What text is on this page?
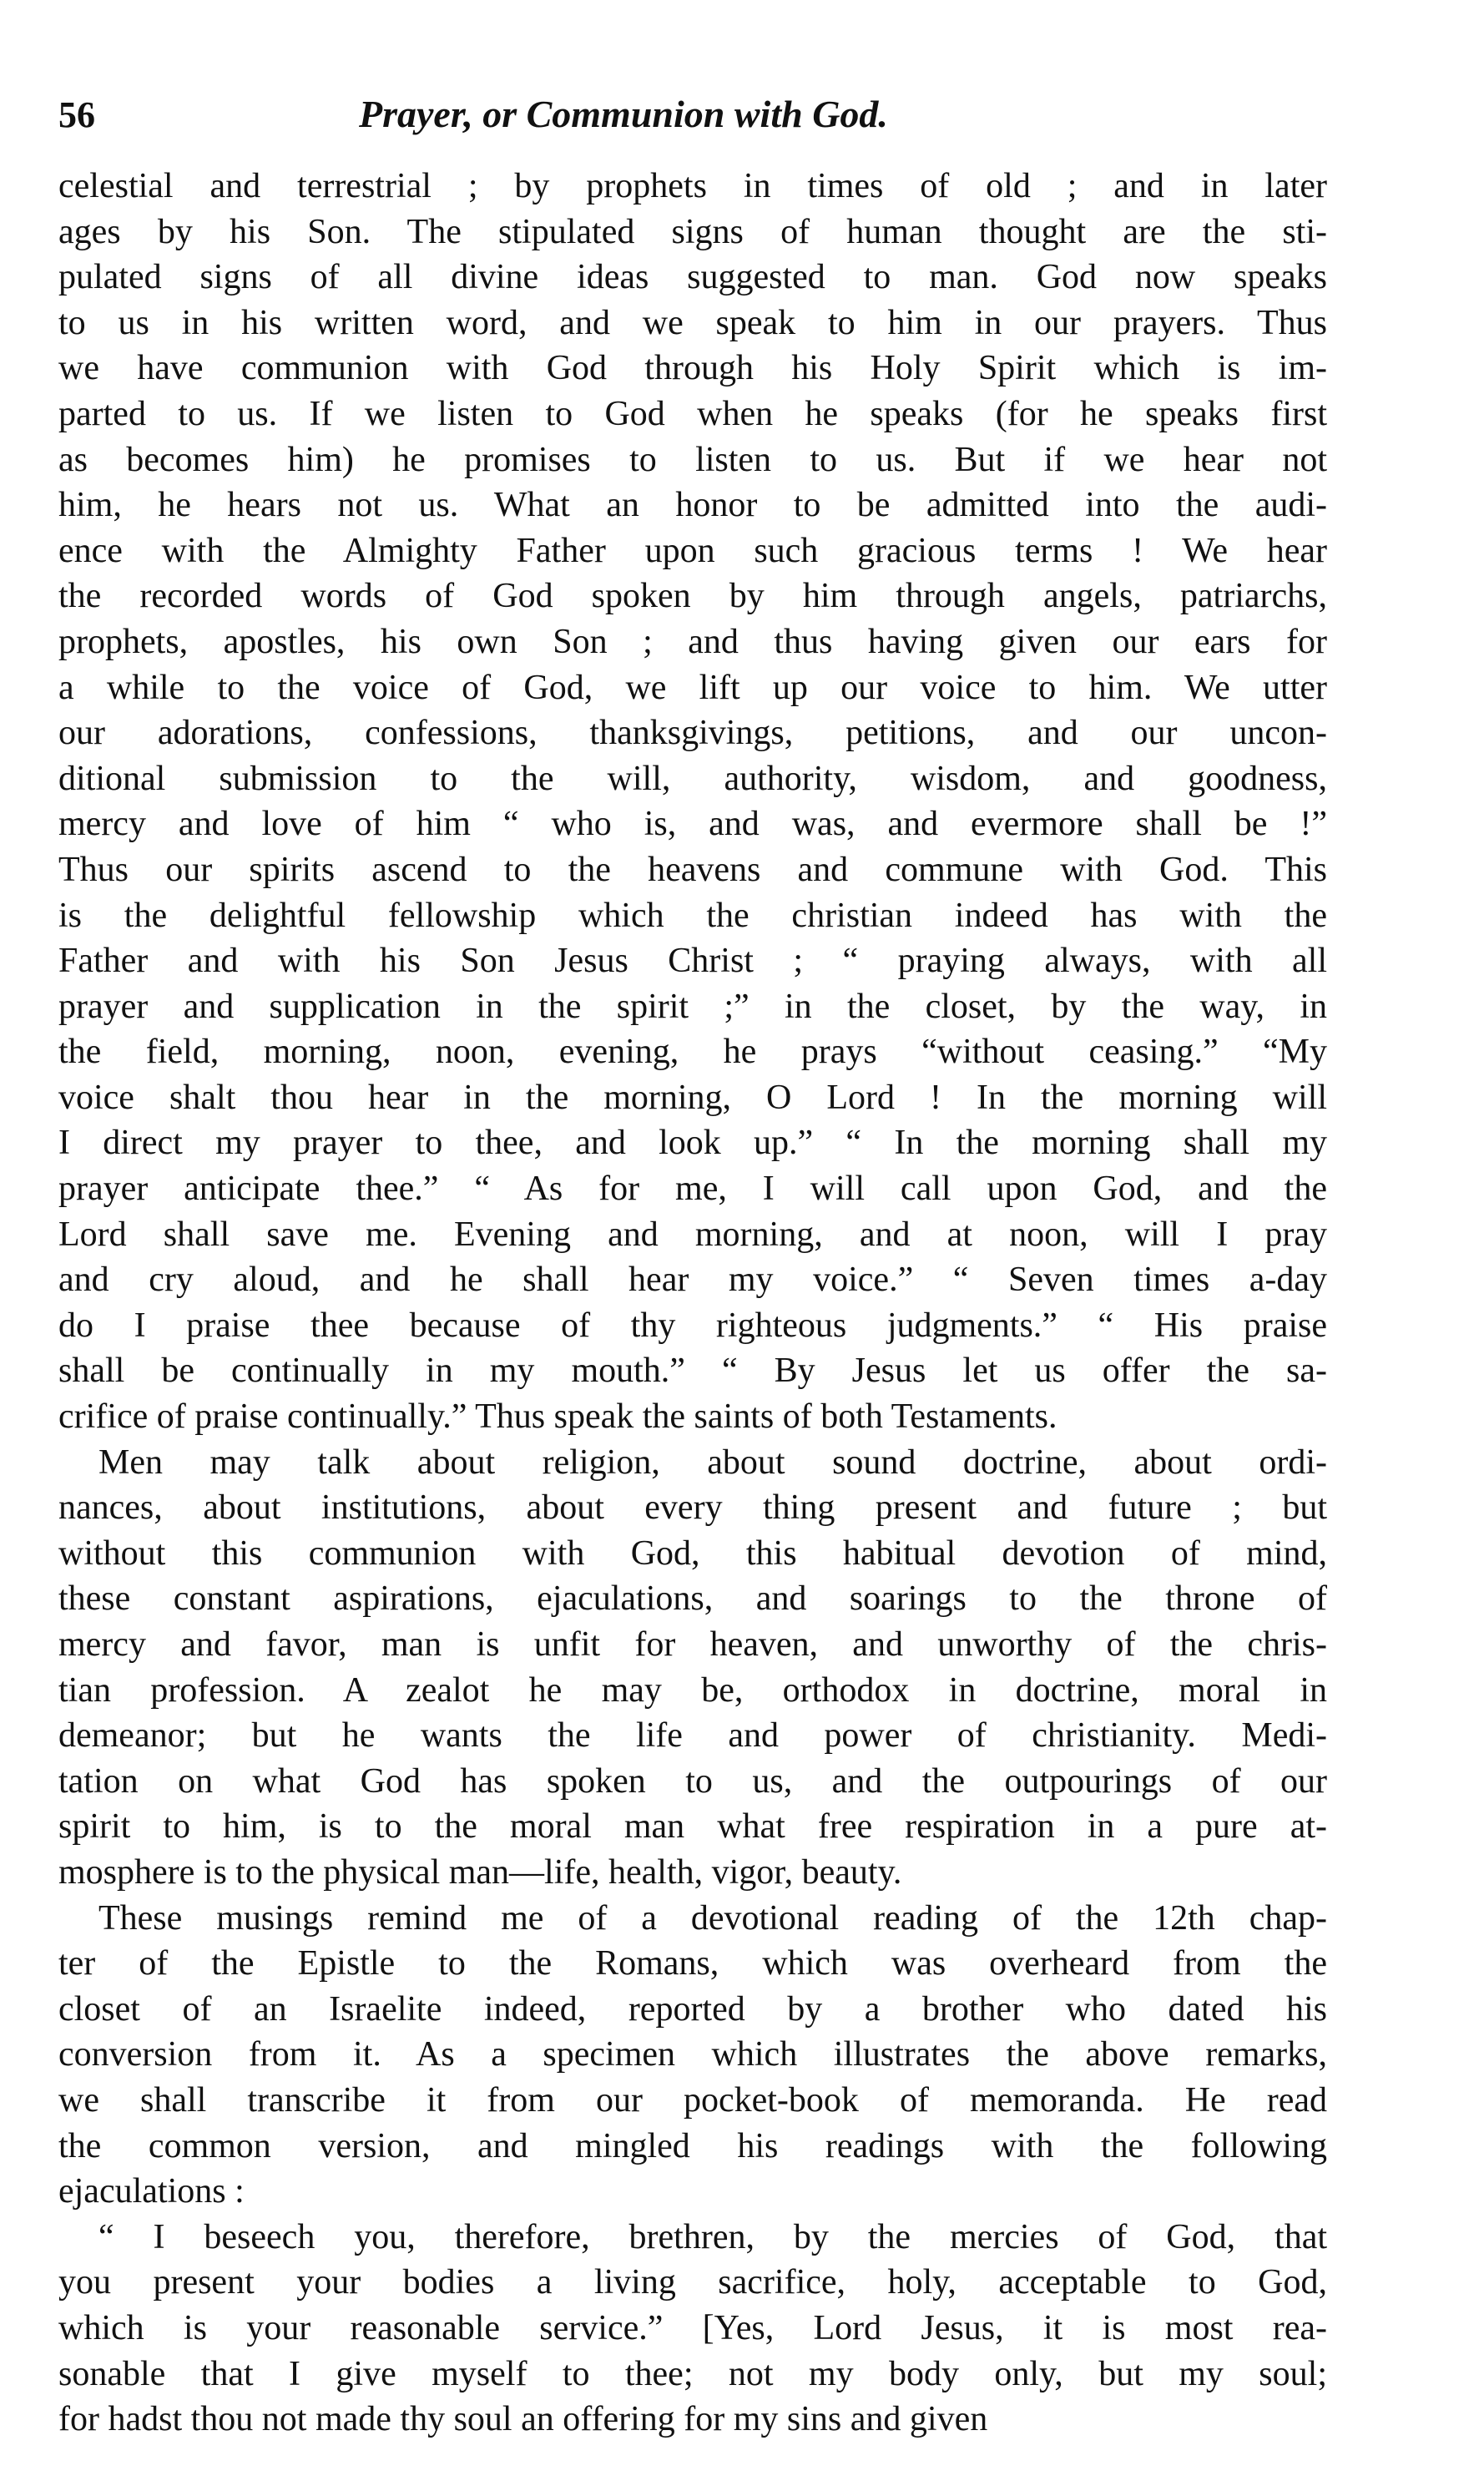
56	Prayer, or Communion with God.
celestial and terrestrial ; by prophets in times of old ; and in later
ages by his Son. The stipulated signs of human thought are the sti-
pulated signs of all divine ideas suggested to man. God now speaks
to us in his written word, and we speak to him in our prayers. Thus
we have communion with God through his Holy Spirit which is im-
parted to us. If we listen to God when he speaks (for he speaks first
as becomes him) he promises to listen to us. But if we hear not
him, he hears not us. What an honor to be admitted into the audi-
ence with the Almighty Father upon such gracious terms ! We hear
the recorded words of God spoken by him through angels, patriarchs,
prophets, apostles, his own Son ; and thus having given our ears for
a while to the voice of God, we lift up our voice to him. We utter
our adorations, confessions, thanksgivings, petitions, and our uncon-
ditional submission to the will, authority, wisdom, and goodness,
mercy and love of him “ who is, and was, and evermore shall be !”
Thus our spirits ascend to the heavens and commune with God. This
is the delightful fellowship which the christian indeed has with the
Father and with his Son Jesus Christ ; “ praying always, with all
prayer and supplication in the spirit ;” in the closet, by the way, in
the field, morning, noon, evening, he prays “without ceasing.” “My
voice shalt thou hear in the morning, O Lord ! In the morning will
I direct my prayer to thee, and look up.” “ In the morning shall my
prayer anticipate thee.” “ As for me, I will call upon God, and the
Lord shall save me. Evening and morning, and at noon, will I pray
and cry aloud, and he shall hear my voice.” “ Seven times a-day
do I praise thee because of thy righteous judgments.” “ His praise
shall be continually in my mouth.” “ By Jesus let us offer the sa-
crifice of praise continually.” Thus speak the saints of both Testaments.
Men may talk about religion, about sound doctrine, about ordi-
nances, about institutions, about every thing present and future ; but
without this communion with God, this habitual devotion of mind,
these constant aspirations, ejaculations, and soarings to the throne of
mercy and favor, man is unfit for heaven, and unworthy of the chris-
tian profession. A zealot he may be, orthodox in doctrine, moral in
demeanor; but he wants the life and power of christianity. Medi-
tation on what God has spoken to us, and the outpourings of our
spirit to him, is to the moral man what free respiration in a pure at-
mosphere is to the physical man—life, health, vigor, beauty.
These musings remind me of a devotional reading of the 12th chap-
ter of the Epistle to the Romans, which was overheard from the
closet of an Israelite indeed, reported by a brother who dated his
conversion from it. As a specimen which illustrates the above remarks,
we shall transcribe it from our pocket-book of memoranda. He read
the common version, and mingled his readings with the following
ejaculations :
“ I beseech you, therefore, brethren, by the mercies of God, that
you present your bodies a living sacrifice, holy, acceptable to God,
which is your reasonable service.” [Yes, Lord Jesus, it is most rea-
sonable that I give myself to thee; not my body only, but my soul;
for hadst thou not made thy soul an offering for my sins and given
